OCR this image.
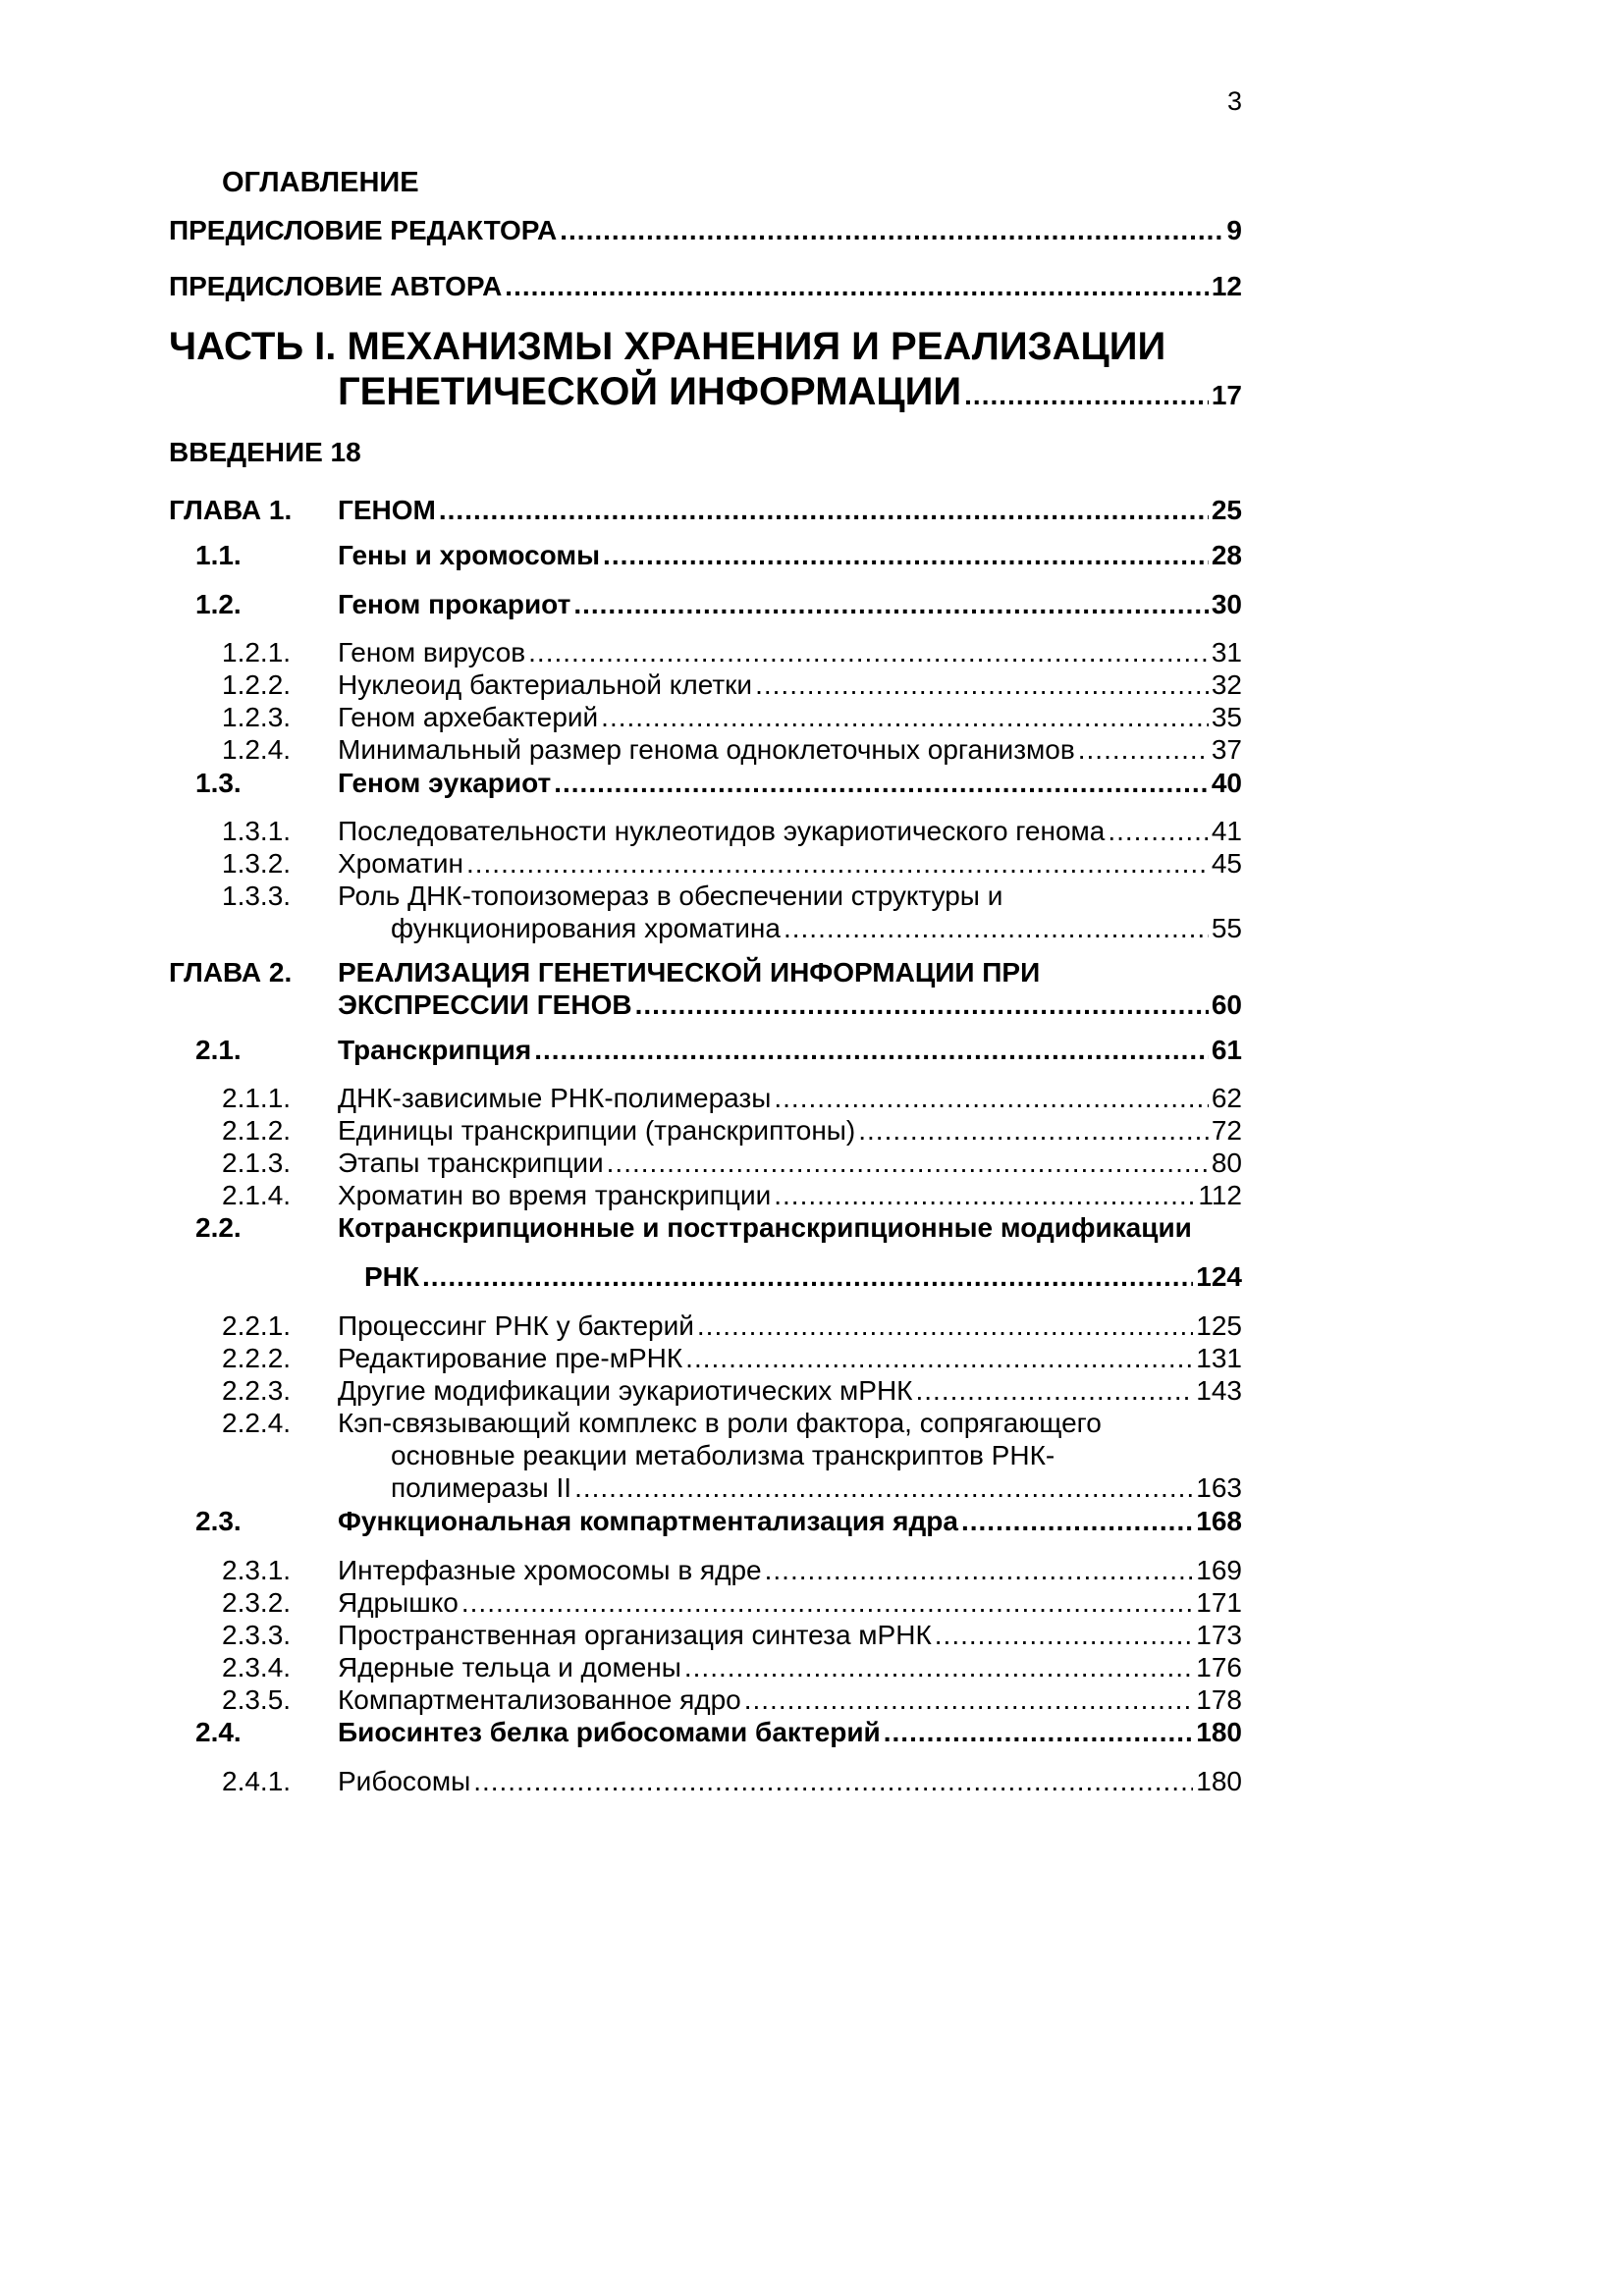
3
ОГЛАВЛЕНИЕ
ПРЕДИСЛОВИЕ РЕДАКТОРА .....	9
ПРЕДИСЛОВИЕ АВТОРА .....	12
ЧАСТЬ I. МЕХАНИЗМЫ ХРАНЕНИЯ И РЕАЛИЗАЦИИ
ГЕНЕТИЧЕСКОЙ ИНФОРМАЦИИ .....	17
ВВЕДЕНИЕ 18
ГЛАВА 1. ГЕНОМ .....	25
1.1.	Гены и хромосомы .....	28
1.2.	Геном прокариот .....	30
1.2.1. Геном вирусов .....	31
1.2.2. Нуклеоид бактериальной клетки .....	32
1.2.3. Геном архебактерий .....	35
1.2.4. Минимальный размер генома одноклеточных организмов .....	37
1.3.	Геном эукариот .....	40
1.3.1. Последовательности нуклеотидов эукариотического генома .....	41
1.3.2. Хроматин .....	45
1.3.3. Роль ДНК-топоизомераз в обеспечении структуры и
функционирования хроматина .....	55
ГЛАВА 2. РЕАЛИЗАЦИЯ ГЕНЕТИЧЕСКОЙ ИНФОРМАЦИИ ПРИ
ЭКСПРЕССИИ ГЕНОВ .....	60
2.1.	Транскрипция .....	61
2.1.1. ДНК-зависимые РНК-полимеразы .....	62
2.1.2. Единицы транскрипции (транскриптоны) .....	72
2.1.3. Этапы транскрипции .....	80
2.1.4. Хроматин во время транскрипции .....	112
2.2.	Котранскрипционные и посттранскрипционные модификации
РНК .....	124
2.2.1. Процессинг РНК у бактерий .....	125
2.2.2. Редактирование пре-мРНК .....	131
2.2.3. Другие модификации эукариотических мРНК .....	143
2.2.4. Кэп-связывающий комплекс в роли фактора, сопрягающего
основные реакции метаболизма транскриптов РНК-
полимеразы II .....	163
2.3.	Функциональная компартментализация ядра .....	168
2.3.1. Интерфазные хромосомы в ядре .....	169
2.3.2. Ядрышко .....	171
2.3.3. Пространственная организация синтеза мРНК .....	173
2.3.4. Ядерные тельца и домены .....	176
2.3.5. Компартментализованное ядро .....	178
2.4.	Биосинтез белка рибосомами бактерий .....	180
2.4.1. Рибосомы .....	180
